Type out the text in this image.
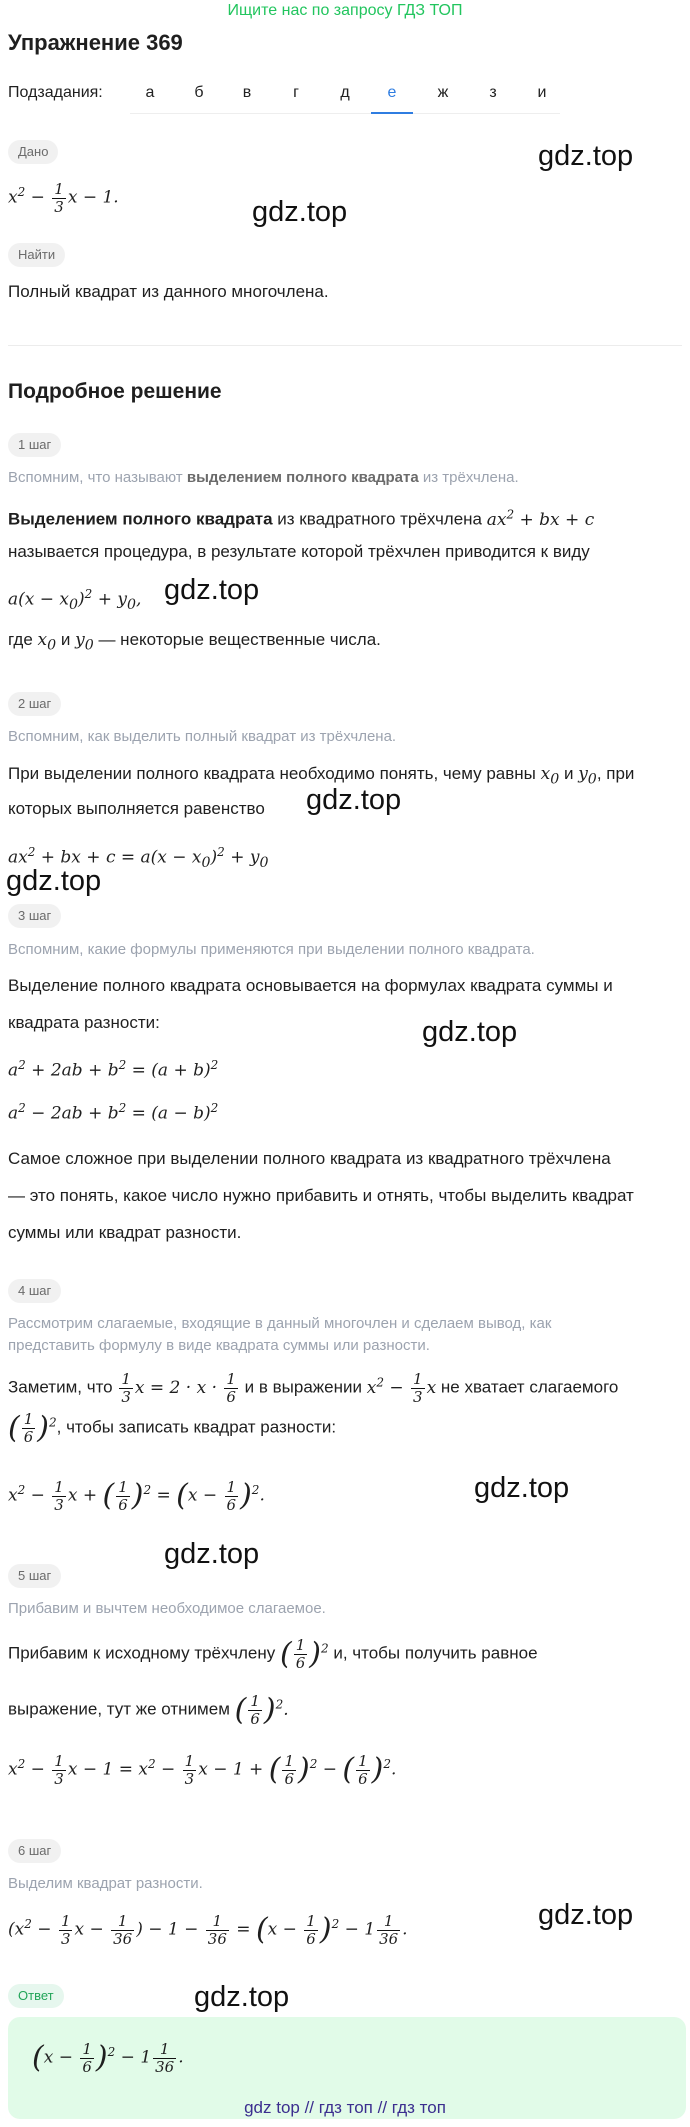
Ищите нас по запросу ГДЗ ТОП
Упражнение 369
Подзадания:	а	б	в	г	д	е	ж	з	и
Дано
$x^2 - \frac{1}{3}$ x − 1.
Найти
Полный квадрат из данного многочлена.
Подробное решение
1 шаг
Вспомним, что называют выделением полного квадрата из трёхчлена.
Выделением полного квадрата из квадратного трёхчлена $ax^2$ + bx + c
называется процедура, в результате которой трёхчлен приводится к виду
$a(x - x_0)^2 + y_0$,
где $x_0$ и $y_0$ — некоторые вещественные числа.
2 шаг
Вспомним, как выделить полный квадрат из трёхчлена.
При выделении полного квадрата необходимо понять, чему равны $x_0$ и $y_0$, при
которых выполняется равенство
$ax^2$ + bx + $c = a(x - x_0)^2 + y_0$
3 шаг
Вспомним, какие формулы применяются при выделении полного квадрата.
Выделение полного квадрата основывается на формулах квадрата суммы и
квадрата разности:
$a^2 + 2ab + b^2 = (a + b)^2$
$a^2 - 2ab + b^2 = (a - b)^2$
Самое сложное при выделении полного квадрата из квадратного трёхчлена
— это понять, какое число нужно прибавить и отнять, чтобы выделить квадрат
суммы или квадрат разности.
4 шаг
Рассмотрим слагаемые, входящие в данный многочлен и сделаем вывод, как
представить формулу в виде квадрата суммы или разности.
Заметим, что $\frac{1}{3}$ $x = 2 \cdot x \cdot \frac{1}{6}$ и в выражении $x^2 - \frac{1}{3}$ x не хватает слагаемого
( $\frac{1}{6} )^2$, чтобы записать квадрат разности:
$x^2 - \frac{1}{3}$ x + ( $\frac{1}{6} )^2 = (x - \frac{1}{6} )^2$.
5 шаг
Прибавим и вычтем необходимое слагаемое.
Прибавим к исходному трёхчлену ( $\frac{1}{6} )^2$ и, чтобы получить равное
выражение, тут же отнимем ( $\frac{1}{6} )^2$.
$x^2 - \frac{1}{3}$ $x - 1 = x^2 - \frac{1}{3}$ x − 1 + ( $\frac{1}{6} )^2$ − ( $\frac{1}{6} )^2$.
6 шаг
Выделим квадрат разности.
($x^2 - \frac{1}{3}$ $x - \frac{1}{36}$ ) − $1 - \frac{1}{36} = (x - \frac{1}{6} )^2 - 1 \frac{1}{36}$ .
Ответ
$(x - \frac{1}{6} )^2 - 1 \frac{1}{36}$ .
gdz.top
gdz.top
gdz.top
gdz.top
gdz.top
gdz.top
gdz.top
gdz.top
gdz.top
gdz.top
gdz top // гдз топ // гдз топ
